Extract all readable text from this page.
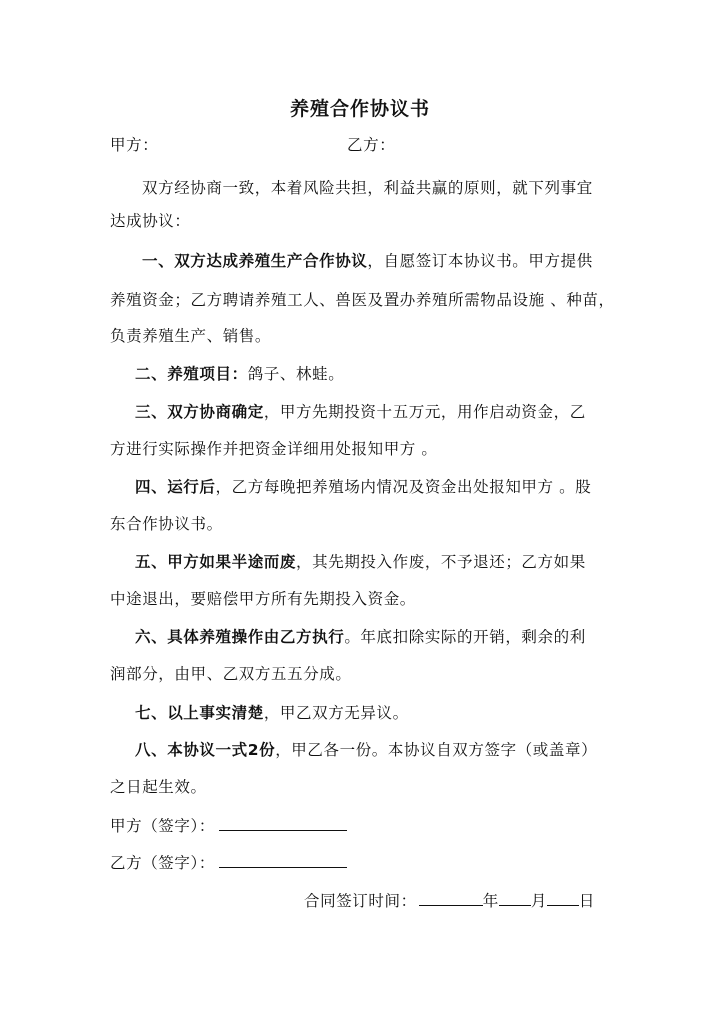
养殖合作协议书
甲方：	乙方：
双方经协商一致，本着风险共担，利益共赢的原则，就下列事宜
达成协议：
一、双方达成养殖生产合作协议，自愿签订本协议书。甲方提供
养殖资金；乙方聘请养殖工人、兽医及置办养殖所需物品设施 、种苗，
负责养殖生产、销售。
二、养殖项目：鸽子、林蛙。
三、双方协商确定，甲方先期投资十五万元，用作启动资金，乙
方进行实际操作并把资金详细用处报知甲方 。
四、运行后，乙方每晚把养殖场内情况及资金出处报知甲方 。股
东合作协议书。
五、甲方如果半途而废，其先期投入作废，不予退还；乙方如果
中途退出，要赔偿甲方所有先期投入资金。
六、具体养殖操作由乙方执行。年底扣除实际的开销，剩余的利
润部分，由甲、乙双方五五分成。
七、以上事实清楚，甲乙双方无异议。
八、本协议一式2份，甲乙各一份。本协议自双方签字（或盖章）
之日起生效。
甲方（签字）：
乙方（签字）：
合同签订时间：	年 月 日
